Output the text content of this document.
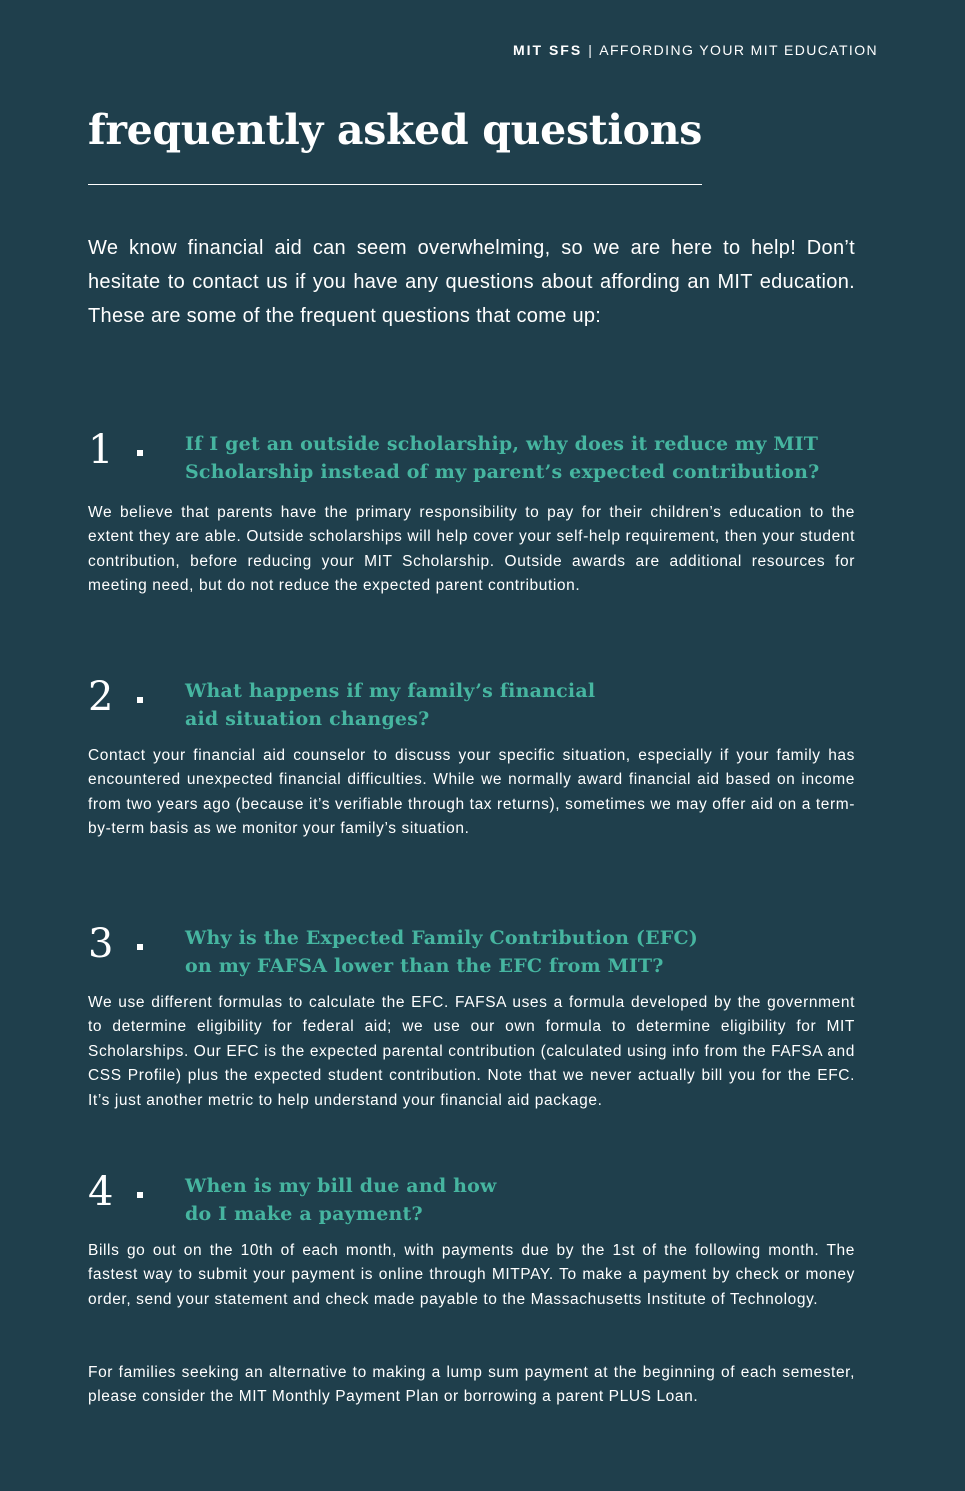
MIT SFS | AFFORDING YOUR MIT EDUCATION
frequently asked questions

We know financial aid can seem overwhelming, so we are here to help! Don’t hesitate to contact us if you have any questions about affording an MIT education. These are some of the frequent questions that come up:

1	If I get an outside scholarship, why does it reduce my MIT
Scholarship instead of my parent’s expected contribution?

We believe that parents have the primary responsibility to pay for their children’s education to the extent they are able. Outside scholarships will help cover your self-help requirement, then your student contribution, before reducing your MIT Scholarship. Outside awards are additional resources for meeting need, but do not reduce the expected parent contribution.

2	What happens if my family’s financial
aid situation changes?

Contact your financial aid counselor to discuss your specific situation, especially if your family has encountered unexpected financial difficulties. While we normally award financial aid based on income from two years ago (because it’s verifiable through tax returns), sometimes we may offer aid on a term-by-term basis as we monitor your family’s situation.

3	Why is the Expected Family Contribution (EFC)
on my FAFSA lower than the EFC from MIT?

We use different formulas to calculate the EFC. FAFSA uses a formula developed by the government to determine eligibility for federal aid; we use our own formula to determine eligibility for MIT Scholarships. Our EFC is the expected parental contribution (calculated using info from the FAFSA and CSS Profile) plus the expected student contribution. Note that we never actually bill you for the EFC. It’s just another metric to help understand your financial aid package.

4	When is my bill due and how
do I make a payment?

Bills go out on the 10th of each month, with payments due by the 1st of the following month. The fastest way to submit your payment is online through MITPAY. To make a payment by check or money order, send your statement and check made payable to the Massachusetts Institute of Technology.

For families seeking an alternative to making a lump sum payment at the beginning of each semester, please consider the MIT Monthly Payment Plan or borrowing a parent PLUS Loan.
